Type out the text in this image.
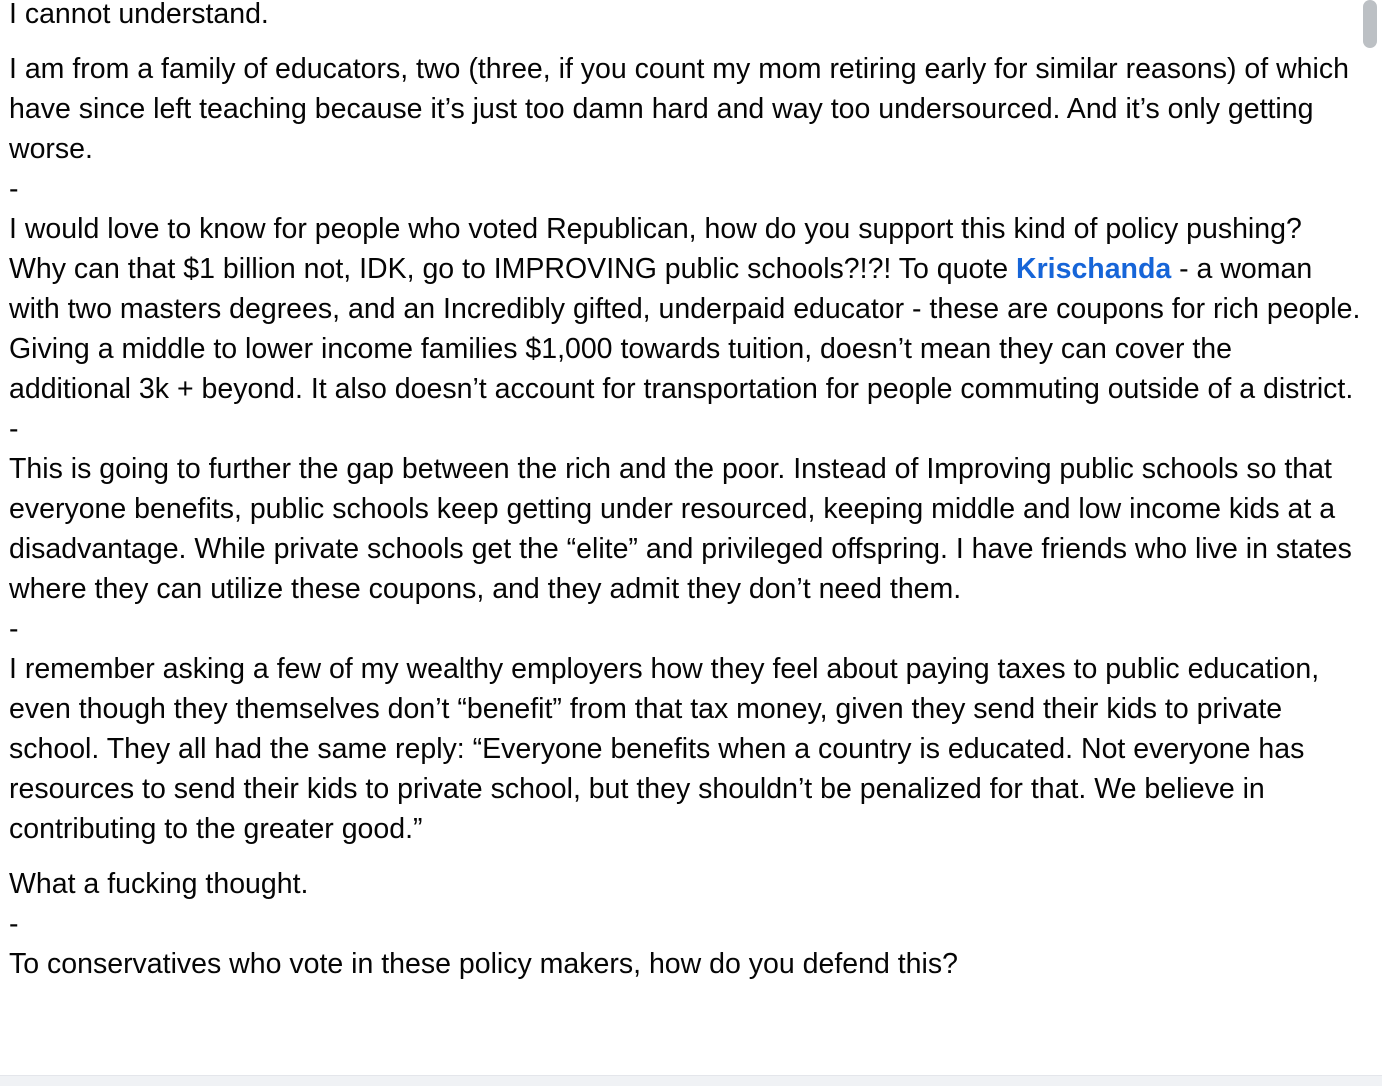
I cannot understand.

I am from a family of educators, two (three, if you count my mom retiring early for similar reasons) of which have since left teaching because it’s just too damn hard and way too undersourced. And it’s only getting worse.

-

I would love to know for people who voted Republican, how do you support this kind of policy pushing? Why can that $1 billion not, IDK, go to IMPROVING public schools?!?! To quote Krischanda - a woman with two masters degrees, and an Incredibly gifted, underpaid educator - these are coupons for rich people. Giving a middle to lower income families $1,000 towards tuition, doesn’t mean they can cover the additional 3k + beyond. It also doesn’t account for transportation for people commuting outside of a district.

-

This is going to further the gap between the rich and the poor. Instead of Improving public schools so that everyone benefits, public schools keep getting under resourced, keeping middle and low income kids at a disadvantage. While private schools get the “elite” and privileged offspring. I have friends who live in states where they can utilize these coupons, and they admit they don’t need them.

-

I remember asking a few of my wealthy employers how they feel about paying taxes to public education, even though they themselves don’t “benefit” from that tax money, given they send their kids to private school. They all had the same reply: “Everyone benefits when a country is educated. Not everyone has resources to send their kids to private school, but they shouldn’t be penalized for that. We believe in contributing to the greater good.”

What a fucking thought.

-

To conservatives who vote in these policy makers, how do you defend this?
